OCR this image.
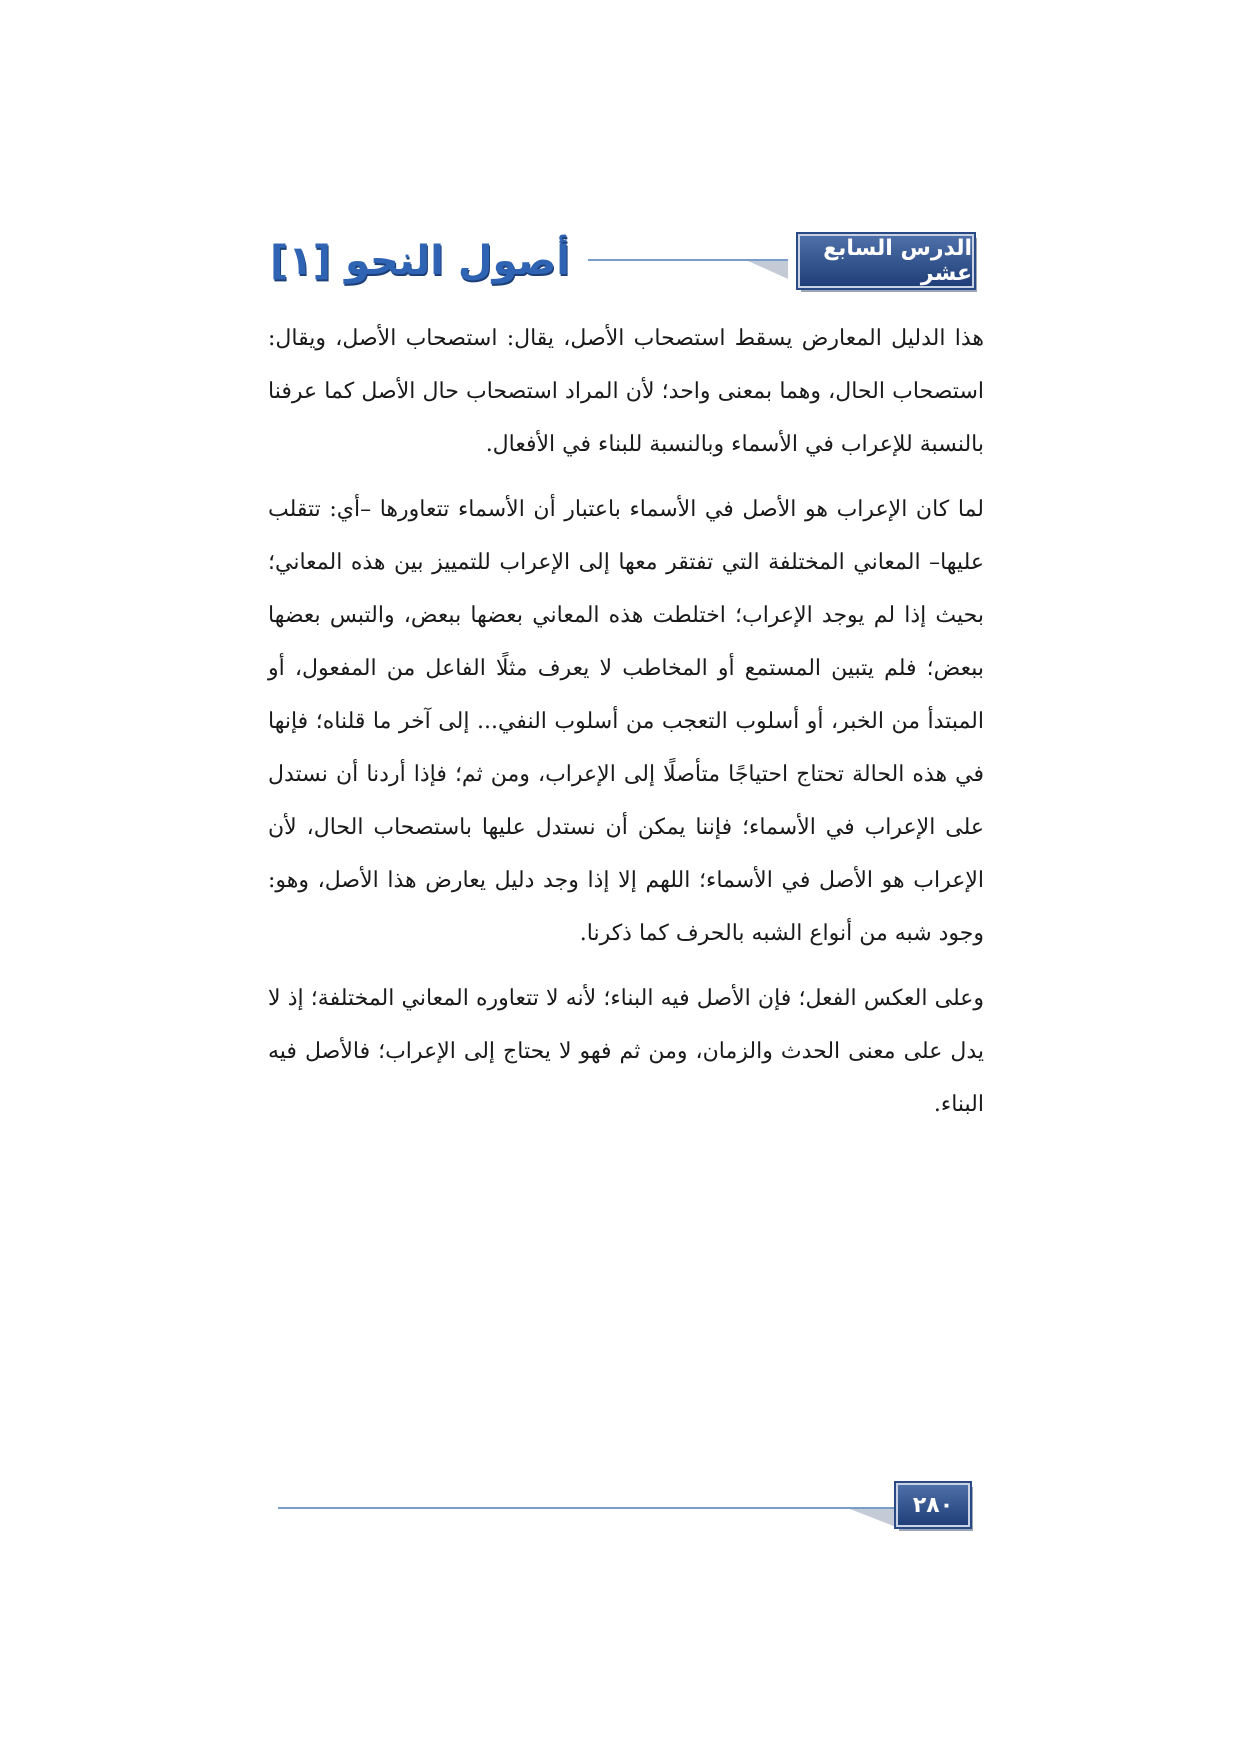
أصول النحو [١]	الدرس السابع عشر

هذا الدليل المعارض يسقط استصحاب الأصل، يقال: استصحاب الأصل، ويقال: استصحاب الحال، وهما بمعنى واحد؛ لأن المراد استصحاب حال الأصل كما عرفنا بالنسبة للإعراب في الأسماء وبالنسبة للبناء في الأفعال.

لما كان الإعراب هو الأصل في الأسماء باعتبار أن الأسماء تتعاورها –أي: تتقلب عليها– المعاني المختلفة التي تفتقر معها إلى الإعراب للتمييز بين هذه المعاني؛ بحيث إذا لم يوجد الإعراب؛ اختلطت هذه المعاني بعضها ببعض، والتبس بعضها ببعض؛ فلم يتبين المستمع أو المخاطب لا يعرف مثلًا الفاعل من المفعول، أو المبتدأ من الخبر، أو أسلوب التعجب من أسلوب النفي... إلى آخر ما قلناه؛ فإنها في هذه الحالة تحتاج احتياجًا متأصلًا إلى الإعراب، ومن ثم؛ فإذا أردنا أن نستدل على الإعراب في الأسماء؛ فإننا يمكن أن نستدل عليها باستصحاب الحال، لأن الإعراب هو الأصل في الأسماء؛ اللهم إلا إذا وجد دليل يعارض هذا الأصل، وهو: وجود شبه من أنواع الشبه بالحرف كما ذكرنا.

وعلى العكس الفعل؛ فإن الأصل فيه البناء؛ لأنه لا تتعاوره المعاني المختلفة؛ إذ لا يدل على معنى الحدث والزمان، ومن ثم فهو لا يحتاج إلى الإعراب؛ فالأصل فيه البناء.

٢٨٠
